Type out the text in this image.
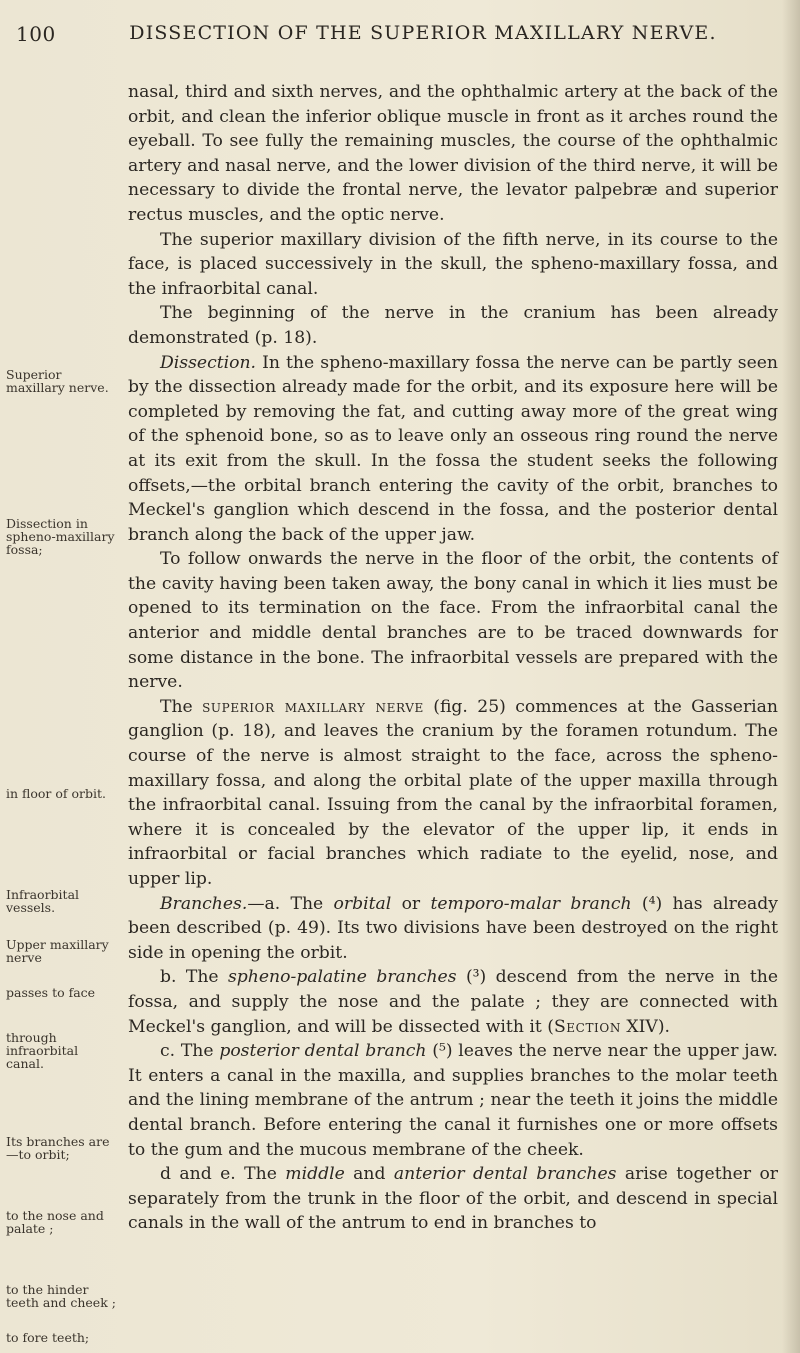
100	DISSECTION OF THE SUPERIOR MAXILLARY NERVE.
Superior maxillary nerve.
Dissection in spheno-maxillary fossa;
in floor of orbit.
Infraorbital vessels.
Upper maxillary nerve
passes to face
through infraorbital canal.
Its branches are—to orbit;
to the nose and palate ;
to the hinder teeth and cheek ;
to fore teeth;

nasal, third and sixth nerves, and the ophthalmic artery at the back of the orbit, and clean the inferior oblique muscle in front as it arches round the eyeball. To see fully the remaining muscles, the course of the ophthalmic artery and nasal nerve, and the lower division of the third nerve, it will be necessary to divide the frontal nerve, the levator palpebræ and superior rectus muscles, and the optic nerve.

The superior maxillary division of the fifth nerve, in its course to the face, is placed successively in the skull, the spheno-maxillary fossa, and the infraorbital canal.

The beginning of the nerve in the cranium has been already demonstrated (p. 18).

Dissection. In the spheno-maxillary fossa the nerve can be partly seen by the dissection already made for the orbit, and its exposure here will be completed by removing the fat, and cutting away more of the great wing of the sphenoid bone, so as to leave only an osseous ring round the nerve at its exit from the skull. In the fossa the student seeks the following offsets,—the orbital branch entering the cavity of the orbit, branches to Meckel's ganglion which descend in the fossa, and the posterior dental branch along the back of the upper jaw.

To follow onwards the nerve in the floor of the orbit, the contents of the cavity having been taken away, the bony canal in which it lies must be opened to its termination on the face. From the infraorbital canal the anterior and middle dental branches are to be traced downwards for some distance in the bone. The infraorbital vessels are prepared with the nerve.

The superior maxillary nerve (fig. 25) commences at the Gasserian ganglion (p. 18), and leaves the cranium by the foramen rotundum. The course of the nerve is almost straight to the face, across the spheno-maxillary fossa, and along the orbital plate of the upper maxilla through the infraorbital canal. Issuing from the canal by the infraorbital foramen, where it is concealed by the elevator of the upper lip, it ends in infraorbital or facial branches which radiate to the eyelid, nose, and upper lip.

Branches.—a. The orbital or temporo-malar branch (⁴) has already been described (p. 49). Its two divisions have been destroyed on the right side in opening the orbit.

b. The spheno-palatine branches (³) descend from the nerve in the fossa, and supply the nose and the palate ; they are connected with Meckel's ganglion, and will be dissected with it (Section XIV).

c. The posterior dental branch (⁵) leaves the nerve near the upper jaw. It enters a canal in the maxilla, and supplies branches to the molar teeth and the lining membrane of the antrum ; near the teeth it joins the middle dental branch. Before entering the canal it furnishes one or more offsets to the gum and the mucous membrane of the cheek.

d and e. The middle and anterior dental branches arise together or separately from the trunk in the floor of the orbit, and descend in special canals in the wall of the antrum to end in branches to
